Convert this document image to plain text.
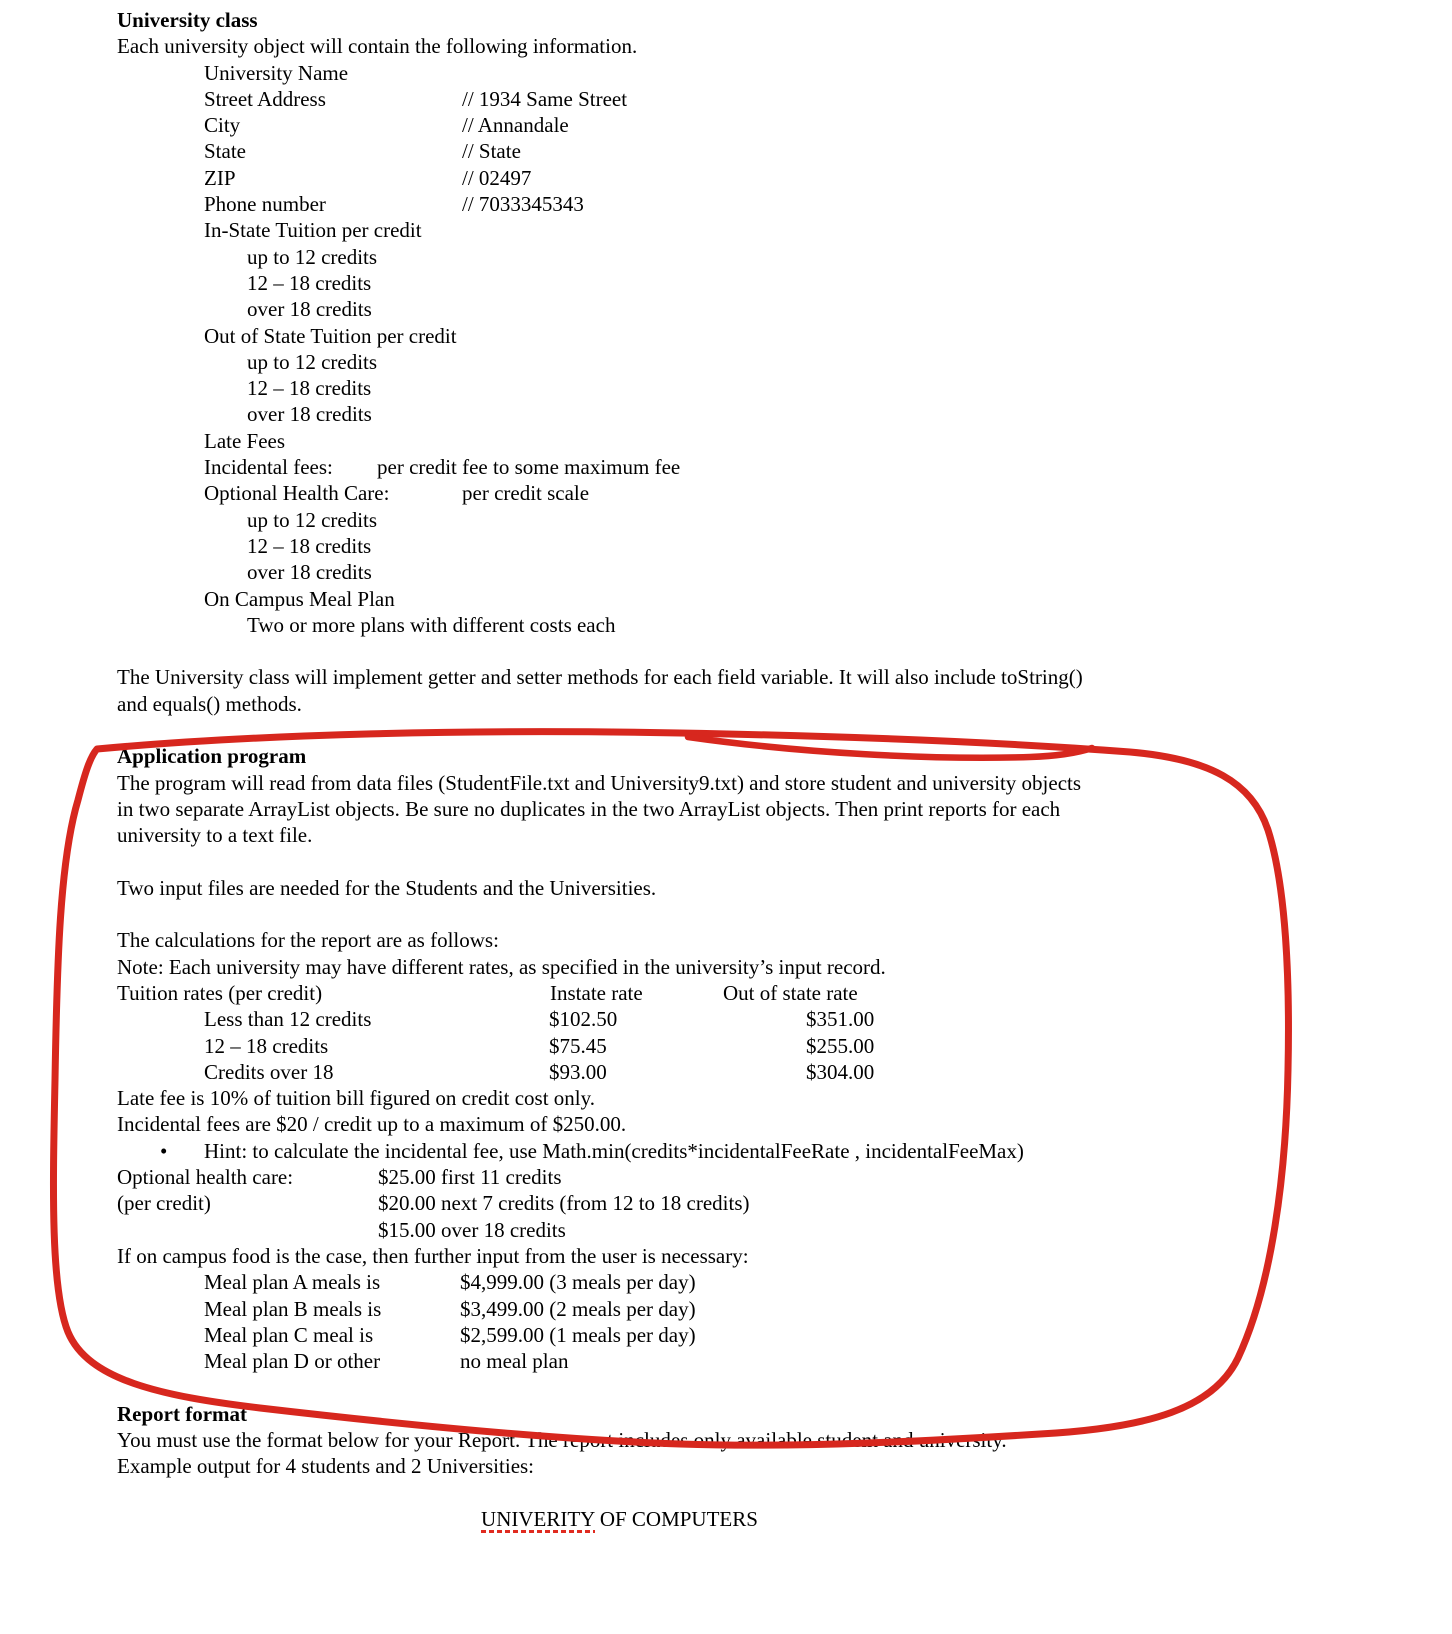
University class
Each university object will contain the following information.
University Name
Street Address	// 1934 Same Street
City	// Annandale
State	// State
ZIP	// 02497
Phone number	// 7033345343
In-State Tuition per credit
up to 12 credits
12 – 18 credits
over 18 credits
Out of State Tuition per credit
up to 12 credits
12 – 18 credits
over 18 credits
Late Fees
Incidental fees: per credit fee to some maximum fee
Optional Health Care:	per credit scale
up to 12 credits
12 – 18 credits
over 18 credits
On Campus Meal Plan
Two or more plans with different costs each
The University class will implement getter and setter methods for each field variable. It will also include toString()
and equals() methods.
Application program
The program will read from data files (StudentFile.txt and University9.txt) and store student and university objects
in two separate ArrayList objects. Be sure no duplicates in the two ArrayList objects. Then print reports for each
university to a text file.
Two input files are needed for the Students and the Universities.
The calculations for the report are as follows:
Note: Each university may have different rates, as specified in the university’s input record.
Tuition rates (per credit)	Instate rate	Out of state rate
Less than 12 credits	$102.50	$351.00
12 – 18 credits	$75.45	$255.00
Credits over 18	$93.00	$304.00
Late fee is 10% of tuition bill figured on credit cost only.
Incidental fees are $20 / credit up to a maximum of $250.00.
• Hint: to calculate the incidental fee, use Math.min(credits*incidentalFeeRate , incidentalFeeMax)
Optional health care:	$25.00 first 11 credits
(per credit)	$20.00 next 7 credits (from 12 to 18 credits)
$15.00 over 18 credits
If on campus food is the case, then further input from the user is necessary:
Meal plan A meals is	$4,999.00 (3 meals per day)
Meal plan B meals is	$3,499.00 (2 meals per day)
Meal plan C meal is	$2,599.00 (1 meals per day)
Meal plan D or other	no meal plan
Report format
You must use the format below for your Report. The report includes only available student and university.
Example output for 4 students and 2 Universities:
UNIVERITY OF COMPUTERS
